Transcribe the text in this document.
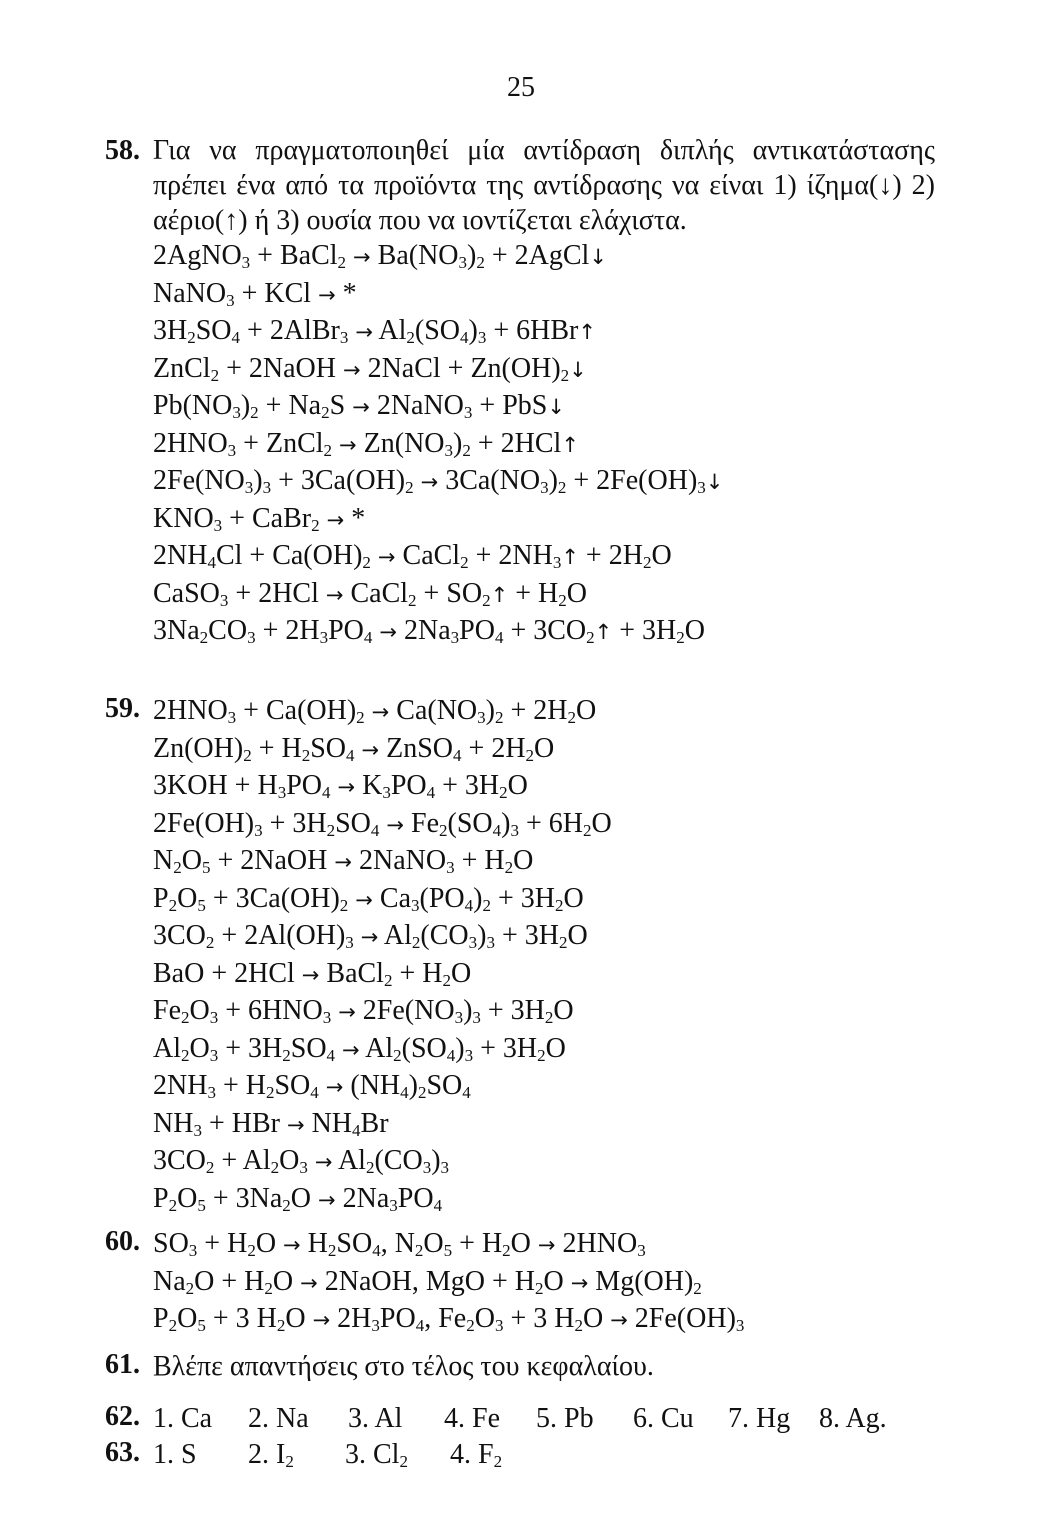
25
58. Για να πραγματοποιηθεί μία αντίδραση διπλής αντικατάστασης πρέπει ένα από τα προϊόντα της αντίδρασης να είναι 1) ίζημα(↓) 2) αέριο(↑) ή 3) ουσία που να ιοντίζεται ελάχιστα.
2AgNO$_3$ + BaCl$_2$ → $Ba(NO_3)_2$ + 2AgCl↓
NaNO$_3$ + KCl → *
$3H_2SO_4$ + 2AlBr$_3$ → $Al_2(SO_4)_3$ + 6HBr↑
ZnCl$_2$ + 2NaOH → 2NaCl + $Zn(OH)_2↓$
$Pb(NO_3)_2 + Na_2S$ → 2NaNO$_3$ + PbS↓
$2HNO_3$ + ZnCl$_2$ → $Zn(NO_3)_2$ + 2HCl↑
$2Fe(NO_3)_3 + 3Ca(OH)_2 \to 3Ca(NO_3)_2$ + $2Fe(OH)_3↓$
$KNO_3$ + CaBr$_2$ → *
$2NH_4Cl + Ca(OH)_2$ → CaCl$_2$ + $2NH_3↑ + 2H_2O$
CaSO$_3$ + 2HCl → CaCl$_2$ + $SO_2↑ + H_2O$
$3Na_2CO_3 + 2H_3PO_4 \to 2Na_3PO_4$ + $3CO_2↑ + 3H_2O$
59. $2HNO_3 + Ca(OH)_2 \to Ca(NO_3)_2 + 2H_2O$
$Zn(OH)_2 + H_2SO_4$ → ZnSO$_4$ + $2H_2O$
$3KOH + H_3PO_4 \to K_3PO_4 + 3H_2O$
$2Fe(OH)_3 + 3H_2SO_4 \to Fe_2(SO_4)_3 + 6H_2O$
$N_2O_5$ + 2NaOH → 2NaNO$_3$ + $H_2O$
$P_2O_5 + 3Ca(OH)_2 \to Ca_3(PO_4)_2 + 3H_2O$
$3CO_2 + 2Al(OH)_3 \to Al_2(CO_3)_3 + 3H_2O$
BaO + 2HCl → BaCl$_2$ + $H_2O$
$Fe_2O_3 + 6HNO_3 \to 2Fe(NO_3)_3 + 3H_2O$
$Al_2O_3 + 3H_2SO_4 \to Al_2(SO_4)_3 + 3H_2O$
$2NH_3 + H_2SO_4 \to (NH_4)_2SO_4$
$NH_3$ + HBr → $NH_4Br$
$3CO_2 + Al_2O_3 \to Al_2(CO_3)_3$
$P_2O_5 + 3Na_2O \to 2Na_3PO_4$
60. $SO_3 + H_2O \to H_2SO_4$, $N_2O_5 + H_2O \to 2HNO_3$
$Na_2O + H_2O$ → 2NaOH, MgO + $H_2O \to Mg(OH)_2$
$P_2O_5 + 3$ $H_2O \to 2H_3PO_4$, $Fe_2O_3 + 3$ $H_2O \to 2Fe(OH)_3$
61. Βλέπε απαντήσεις στο τέλος του κεφαλαίου.
62. 1. Ca 2. Na 3. Al 4. Fe 5. Pb 6. Cu 7. Hg 8. Ag.
63. 1. S 2. $I_2$ 3. $Cl_2$ 4. $F_2$
